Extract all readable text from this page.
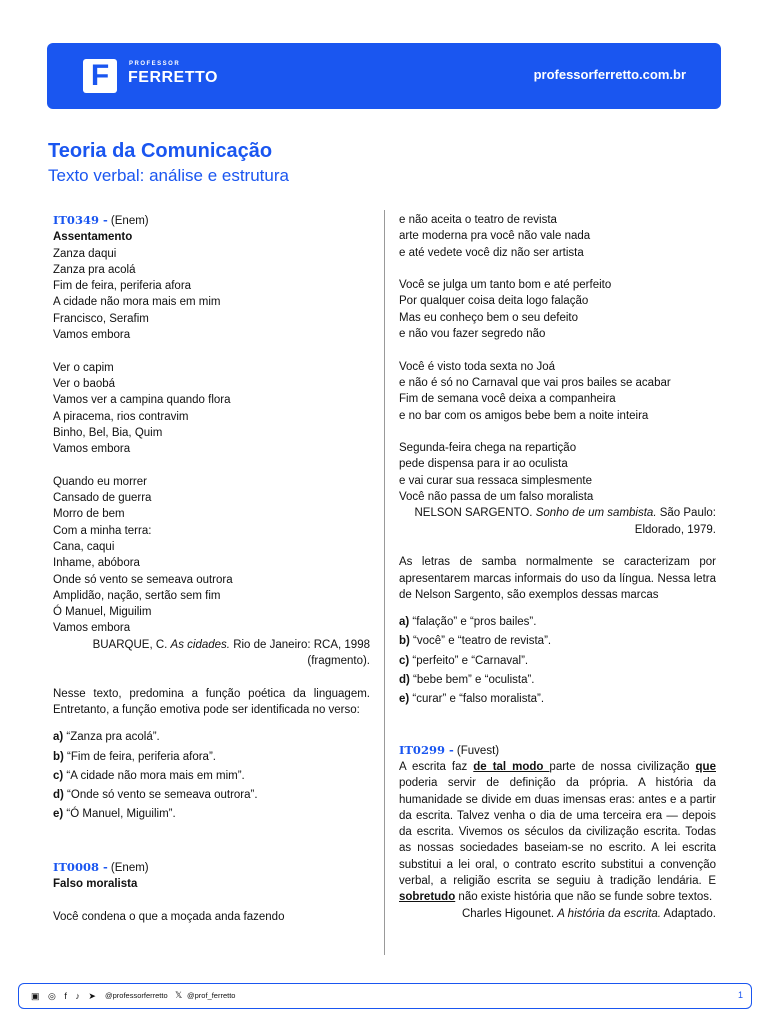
F	PROFESSOR
FERRETTO	professorferretto.com.br
Teoria da Comunicação
Texto verbal: análise e estrutura
IT0349 - (Enem)
Assentamento
Zanza daqui
Zanza pra acolá
Fim de feira, periferia afora
A cidade não mora mais em mim
Francisco, Serafim
Vamos embora
Ver o capim
Ver o baobá
Vamos ver a campina quando flora
A piracema, rios contravim
Binho, Bel, Bia, Quim
Vamos embora
Quando eu morrer
Cansado de guerra
Morro de bem
Com a minha terra:
Cana, caqui
Inhame, abóbora
Onde só vento se semeava outrora
Amplidão, nação, sertão sem fim
Ó Manuel, Miguilim
Vamos embora
BUARQUE, C. As cidades. Rio de Janeiro: RCA, 1998
(fragmento).
Nesse texto, predomina a função poética da linguagem. Entretanto, a função emotiva pode ser identificada no verso:
a) “Zanza pra acolá”.
b) “Fim de feira, periferia afora”.
c) “A cidade não mora mais em mim”.
d) “Onde só vento se semeava outrora”.
e) “Ó Manuel, Miguilim”.
IT0008 - (Enem)
Falso moralista
Você condena o que a moçada anda fazendo
e não aceita o teatro de revista
arte moderna pra você não vale nada
e até vedete você diz não ser artista
Você se julga um tanto bom e até perfeito
Por qualquer coisa deita logo falação
Mas eu conheço bem o seu defeito
e não vou fazer segredo não
Você é visto toda sexta no Joá
e não é só no Carnaval que vai pros bailes se acabar
Fim de semana você deixa a companheira
e no bar com os amigos bebe bem a noite inteira
Segunda-feira chega na repartição
pede dispensa para ir ao oculista
e vai curar sua ressaca simplesmente
Você não passa de um falso moralista
NELSON SARGENTO. Sonho de um sambista. São Paulo:
Eldorado, 1979.
As letras de samba normalmente se caracterizam por apresentarem marcas informais do uso da língua. Nessa letra de Nelson Sargento, são exemplos dessas marcas
a) “falação” e “pros bailes”.
b) “você” e “teatro de revista”.
c) “perfeito” e “Carnaval”.
d) “bebe bem” e “oculista”.
e) “curar” e “falso moralista”.
IT0299 - (Fuvest)
A escrita faz de tal modo parte de nossa civilização que poderia servir de definição da própria. A história da humanidade se divide em duas imensas eras: antes e a partir da escrita. Talvez venha o dia de uma terceira era — depois da escrita. Vivemos os séculos da civilização escrita. Todas as nossas sociedades baseiam-se no escrito. A lei escrita substitui a lei oral, o contrato escrito substitui a convenção verbal, a religião escrita se seguiu à tradição lendária. E sobretudo não existe história que não se funde sobre textos.
Charles Higounet. A história da escrita. Adaptado.
▣ ◎ f ♪ ➤ @professorferretto 𝕏 @prof_ferretto	1
